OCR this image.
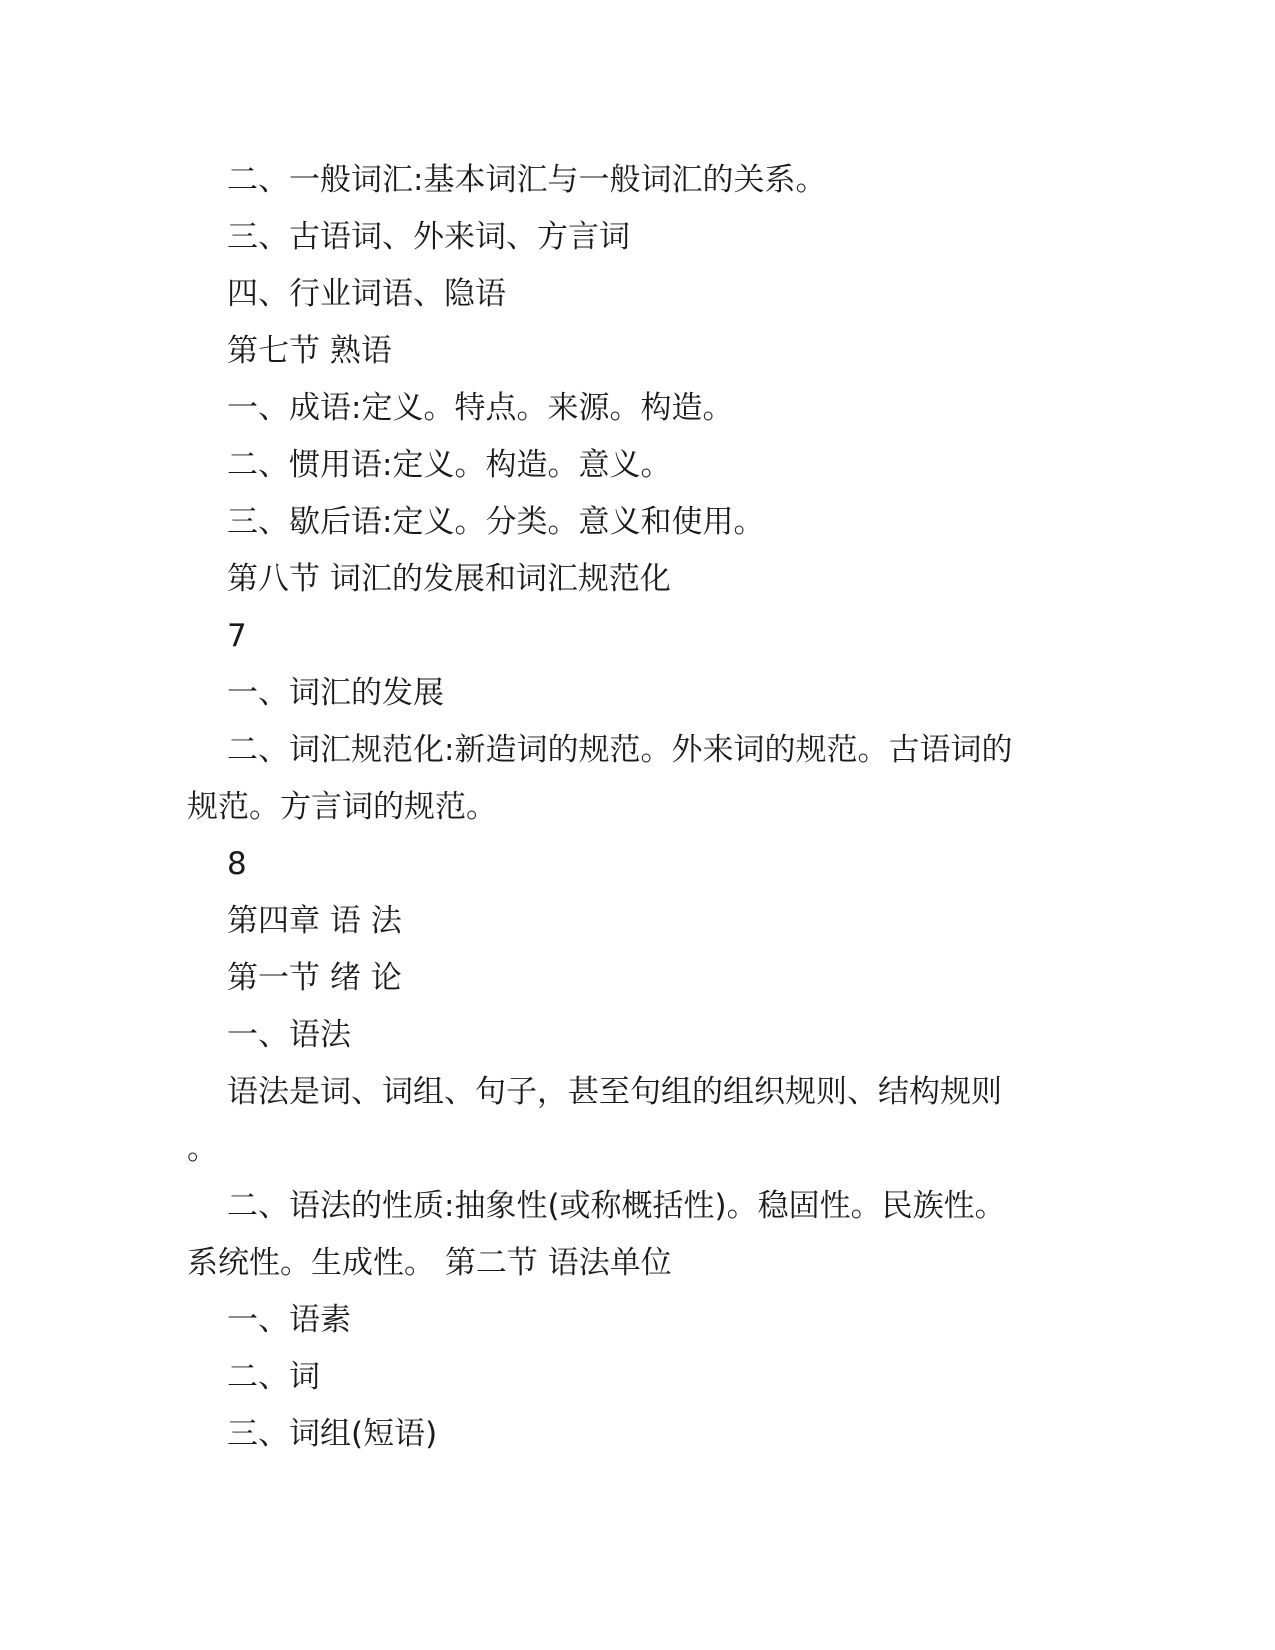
二、一般词汇:基本词汇与一般词汇的关系。
三、古语词、外来词、方言词
四、行业词语、隐语
第七节 熟语
一、成语:定义。特点。来源。构造。
二、惯用语:定义。构造。意义。
三、歇后语:定义。分类。意义和使用。
第八节 词汇的发展和词汇规范化
7
一、词汇的发展
二、词汇规范化:新造词的规范。外来词的规范。古语词的
规范。方言词的规范。
8
第四章 语 法
第一节 绪 论
一、语法
语法是词、词组、句子，甚至句组的组织规则、结构规则
。
二、语法的性质:抽象性(或称概括性)。稳固性。民族性。
系统性。生成性。 第二节 语法单位
一、语素
二、词
三、词组(短语)
